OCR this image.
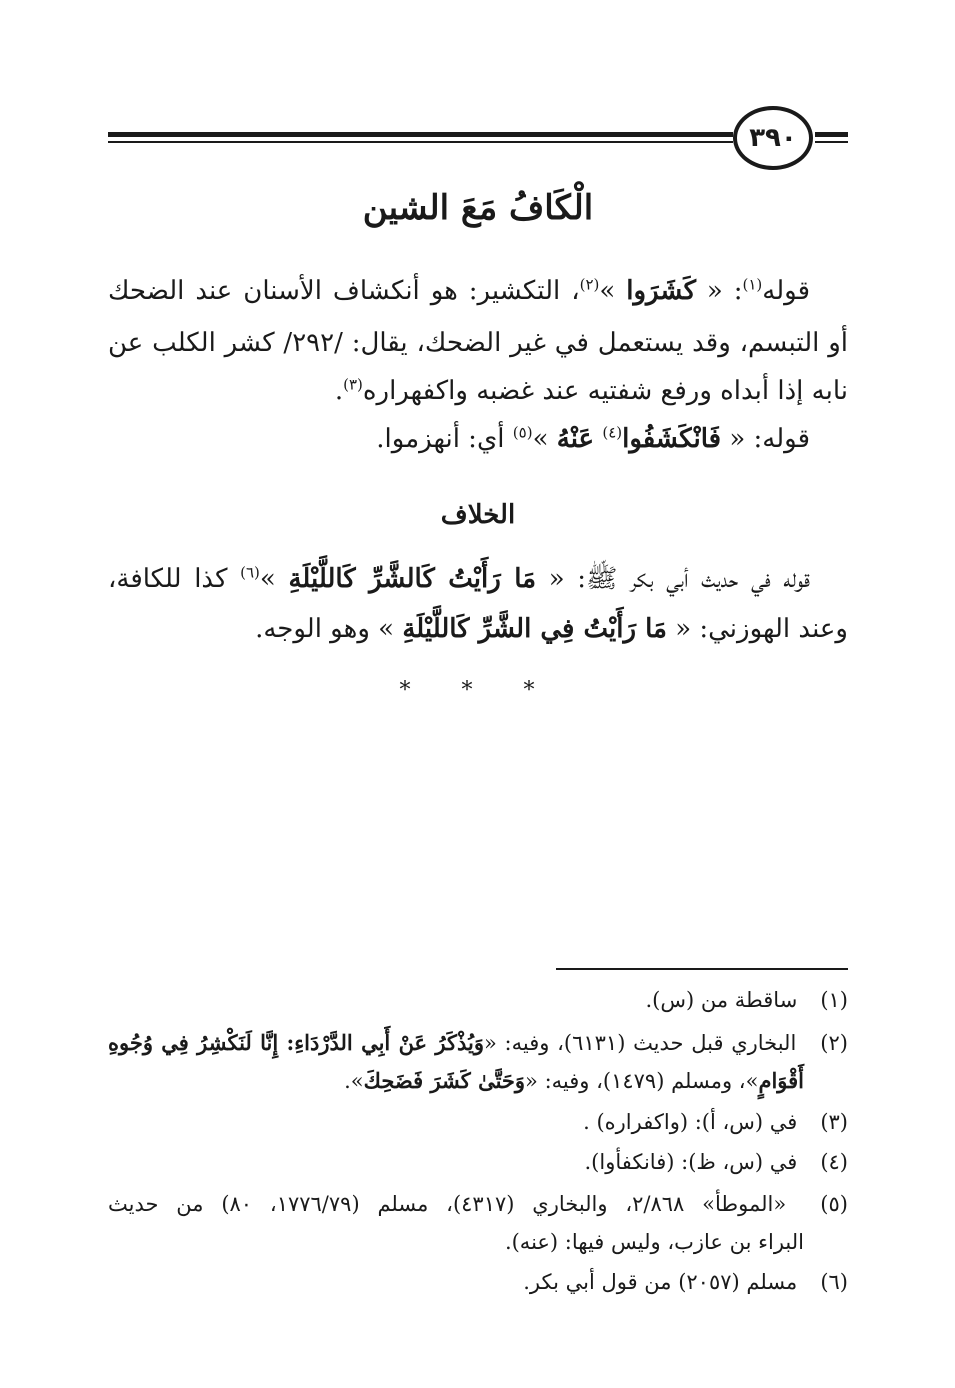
٣٩٠
الْكَافُ مَعَ الشين
قوله$^{(١)}$: « كَشَرَوا »$^{(٢)}$، التكشير: هو أنكشاف الأسنان عند الضحك
أو التبسم، وقد يستعمل في غير الضحك، يقال: /٢٩٢/ كشر الكلب عن
نابه إذا أبداه ورفع شفتيه عند غضبه واكفهراره$^{(٣)}$.
قوله: « فَانْكَشَفُوا$^{(٤)}$ عَنْهُ »$^{(٥)}$ أي: أنهزموا.
الخلاف
قوله في حديث أبي بكر ﷺ: « مَا رَأَيْتُ كَالشَّرِّ كَاللَّيْلَةِ »$^{(٦)}$ كذا للكافة،
وعند الهوزني: « مَا رَأَيْتُ فِي الشَّرِّ كَاللَّيْلَةِ » وهو الوجه.
* * *
(١) ساقطة من (س).
(٢) البخاري قبل حديث (٦١٣١)، وفيه: «وَيُذْكَرُ عَنْ أَبِي الدَّرْدَاءِ: إِنَّا لَنَكْشِرُ فِي وُجُوهِ
أَقْوَامٍ»، ومسلم (١٤٧٩)، وفيه: «وَحَتَّىٰ كَشَرَ فَضَحِكَ».
(٣) في (س، أ): (واكفراره) .
(٤) في (س، ظ): (فانكفأوا).
(٥) «الموطأ» ٢/٨٦٨، والبخاري (٤٣١٧)، مسلم (١٧٧٦/٧٩، ٨٠) من حديث
البراء بن عازب، وليس فيها: (عنه).
(٦) مسلم (٢٠٥٧) من قول أبي بكر.
